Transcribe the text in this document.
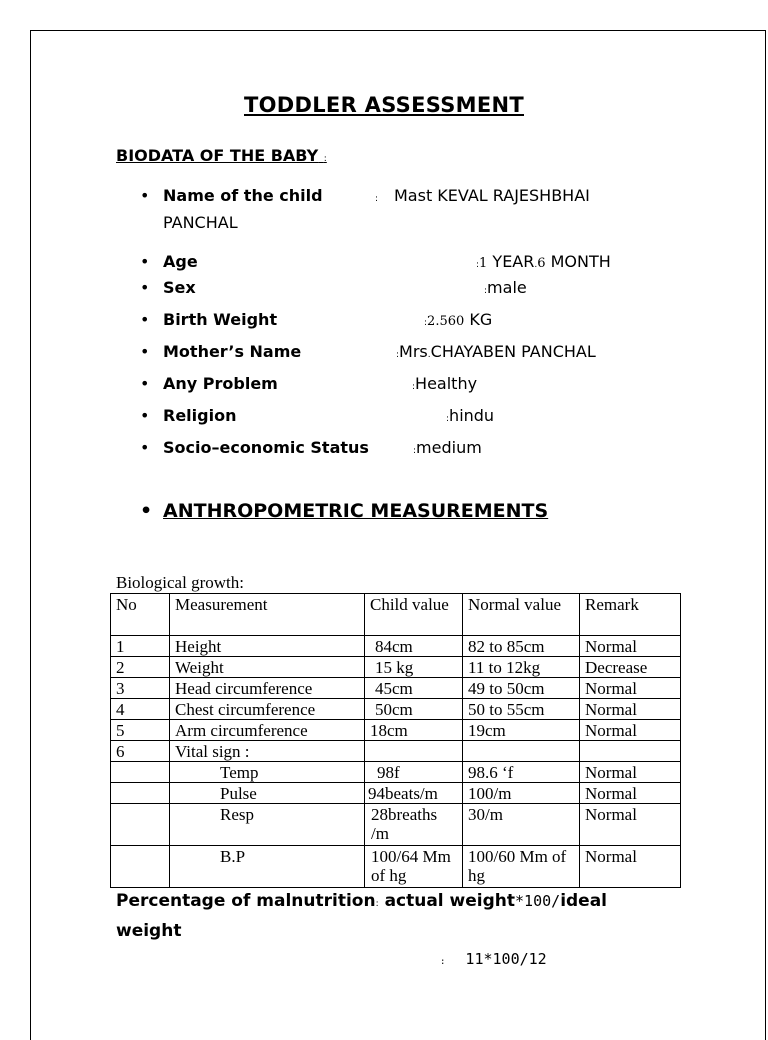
TODDLER ASSESSMENT
BIODATA OF THE BABY :
• Name of the child	: Mast KEVAL RAJESHBHAI
PANCHAL
• Age	:1 YEAR.6 MONTH
• Sex	:male
• Birth Weight	:2.560 KG
• Mother’s Name	:Mrs.CHAYABEN PANCHAL
• Any Problem	:Healthy
• Religion	:hindu
• Socio–economic Status	:medium
• ANTHROPOMETRIC MEASUREMENTS
Biological growth:
No	Measurement	Child value	Normal value	Remark
1	Height	84cm	82 to 85cm	Normal
2	Weight	15 kg	11 to 12kg	Decrease
3	Head circumference	45cm	49 to 50cm	Normal
4	Chest circumference	50cm	50 to 55cm	Normal
5	Arm circumference	18cm	19cm	Normal
6	Vital sign :			
	Temp	98f	98.6 ‘f	Normal
	Pulse	94beats/m	100/m	Normal
	Resp	28breaths /m	30/m	Normal
	B.P	100/64 Mm of hg	100/60 Mm of hg	Normal
Percentage of malnutrition: actual weight*100/ideal weight
: 11*100/12
